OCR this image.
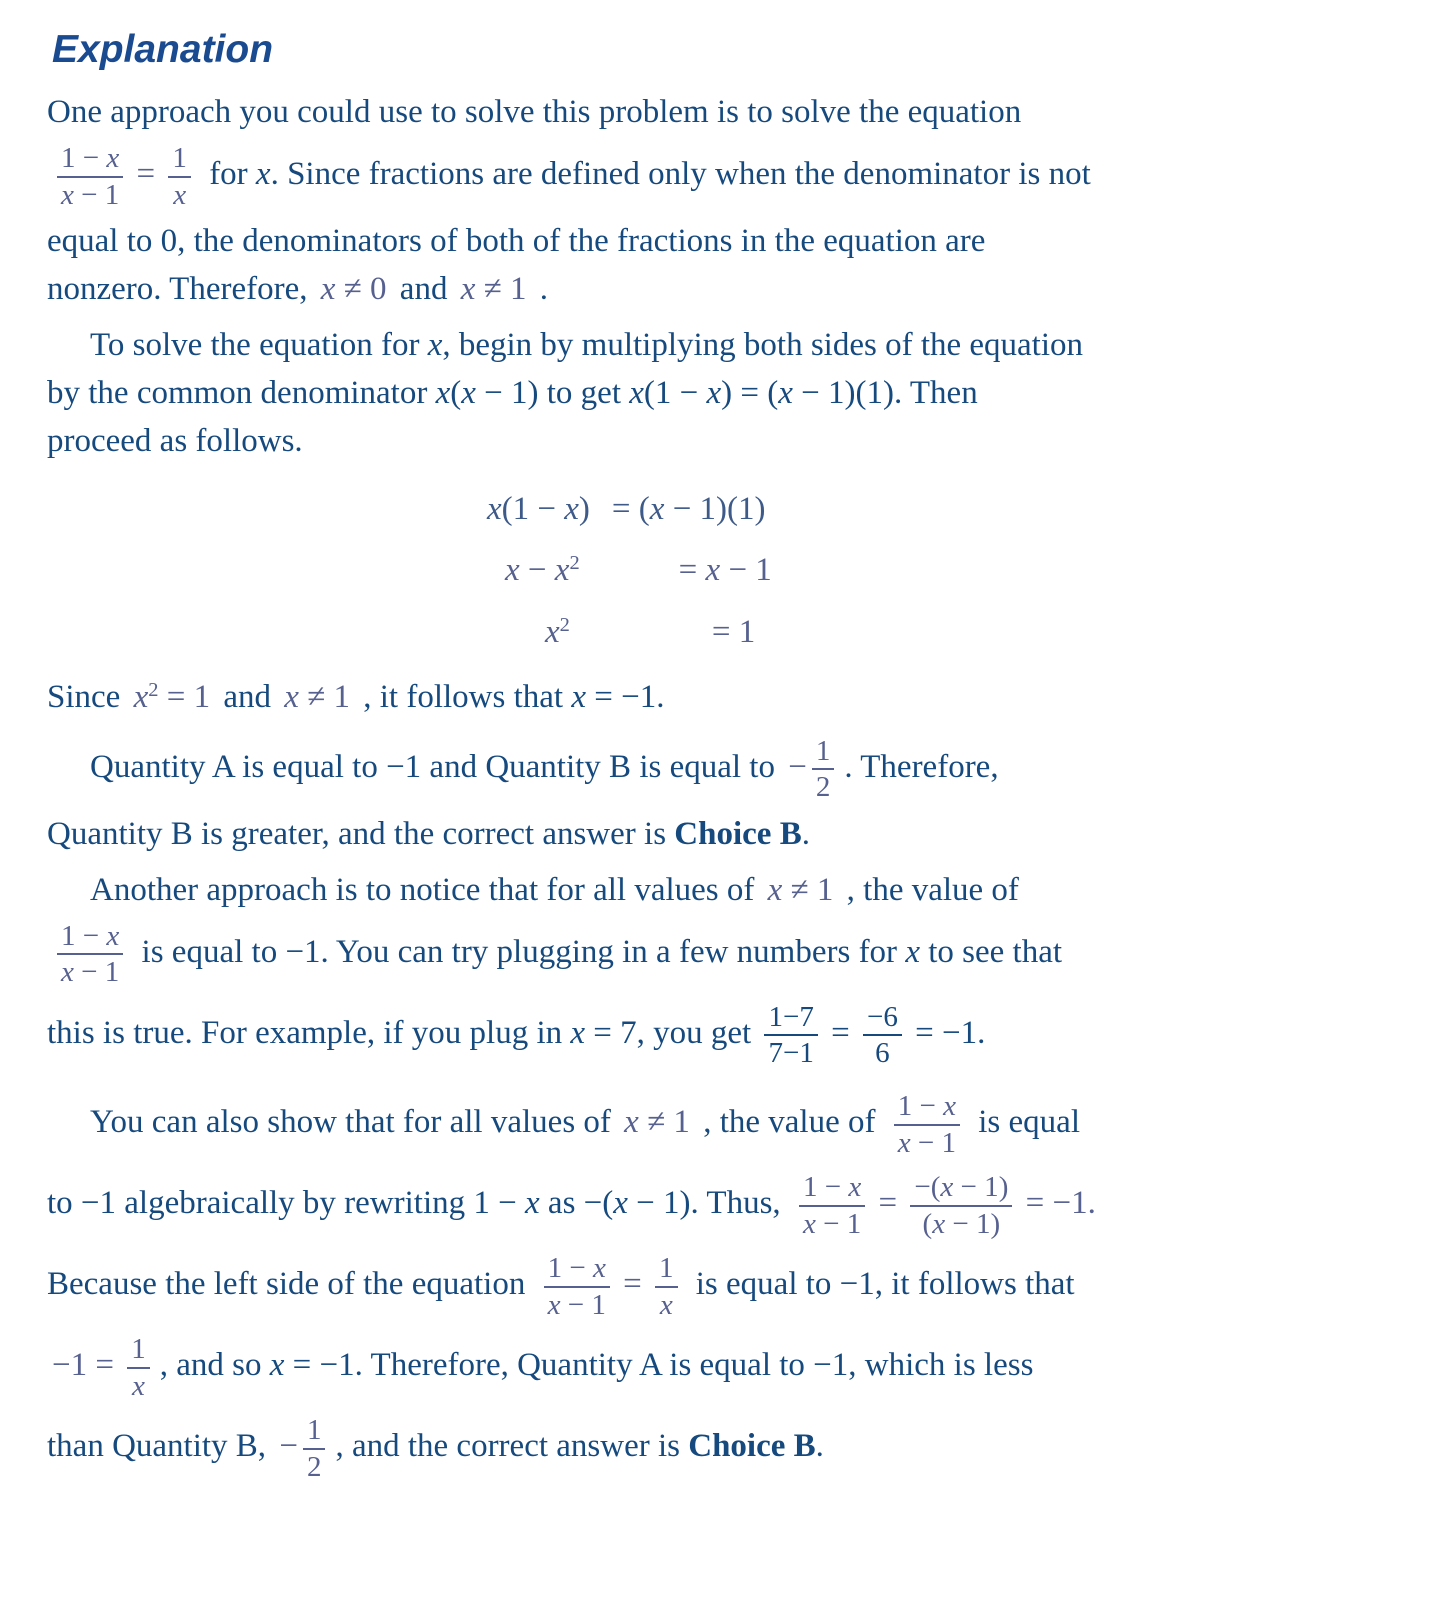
Explanation
One approach you could use to solve this problem is to solve the equation
$\frac{1 - x}{x - 1} = \frac{1}{x}$ for x. Since fractions are defined only when the denominator is not
equal to 0, the denominators of both of the fractions in the equation are
nonzero. Therefore, x ≠ 0 and x ≠ 1 .
To solve the equation for x, begin by multiplying both sides of the equation
by the common denominator x(x − 1) to get x(1 − x) = (x − 1)(1). Then
proceed as follows.
x(1 − x) = (x − 1)(1)
$x - x^2$	= x − 1
$x^2$	= 1
Since $x^2 = 1$ and x ≠ 1 , it follows that x = −1.
Quantity A is equal to −1 and Quantity B is equal to − $\frac{1}{2}$ . Therefore,
Quantity B is greater, and the correct answer is Choice B.
Another approach is to notice that for all values of x ≠ 1 , the value of
$\frac{1 - x}{x - 1}$ is equal to −1. You can try plugging in a few numbers for x to see that
this is true. For example, if you plug in x = 7, you get $\frac{1-7}{7-1} = \frac{-6}{6} = -1$.
You can also show that for all values of x ≠ 1 , the value of $\frac{1 - x}{x - 1}$ is equal
to −1 algebraically by rewriting 1 − x as −(x − 1). Thus, $\frac{1 - x}{x - 1} = \frac{-(x - 1)}{(x - 1)} = -1$.
Because the left side of the equation $\frac{1 - x}{x - 1} = \frac{1}{x}$ is equal to −1, it follows that
$-1 = \frac{1}{x}$ , and so x = −1. Therefore, Quantity A is equal to −1, which is less
than Quantity B, − $\frac{1}{2}$ , and the correct answer is Choice B.
